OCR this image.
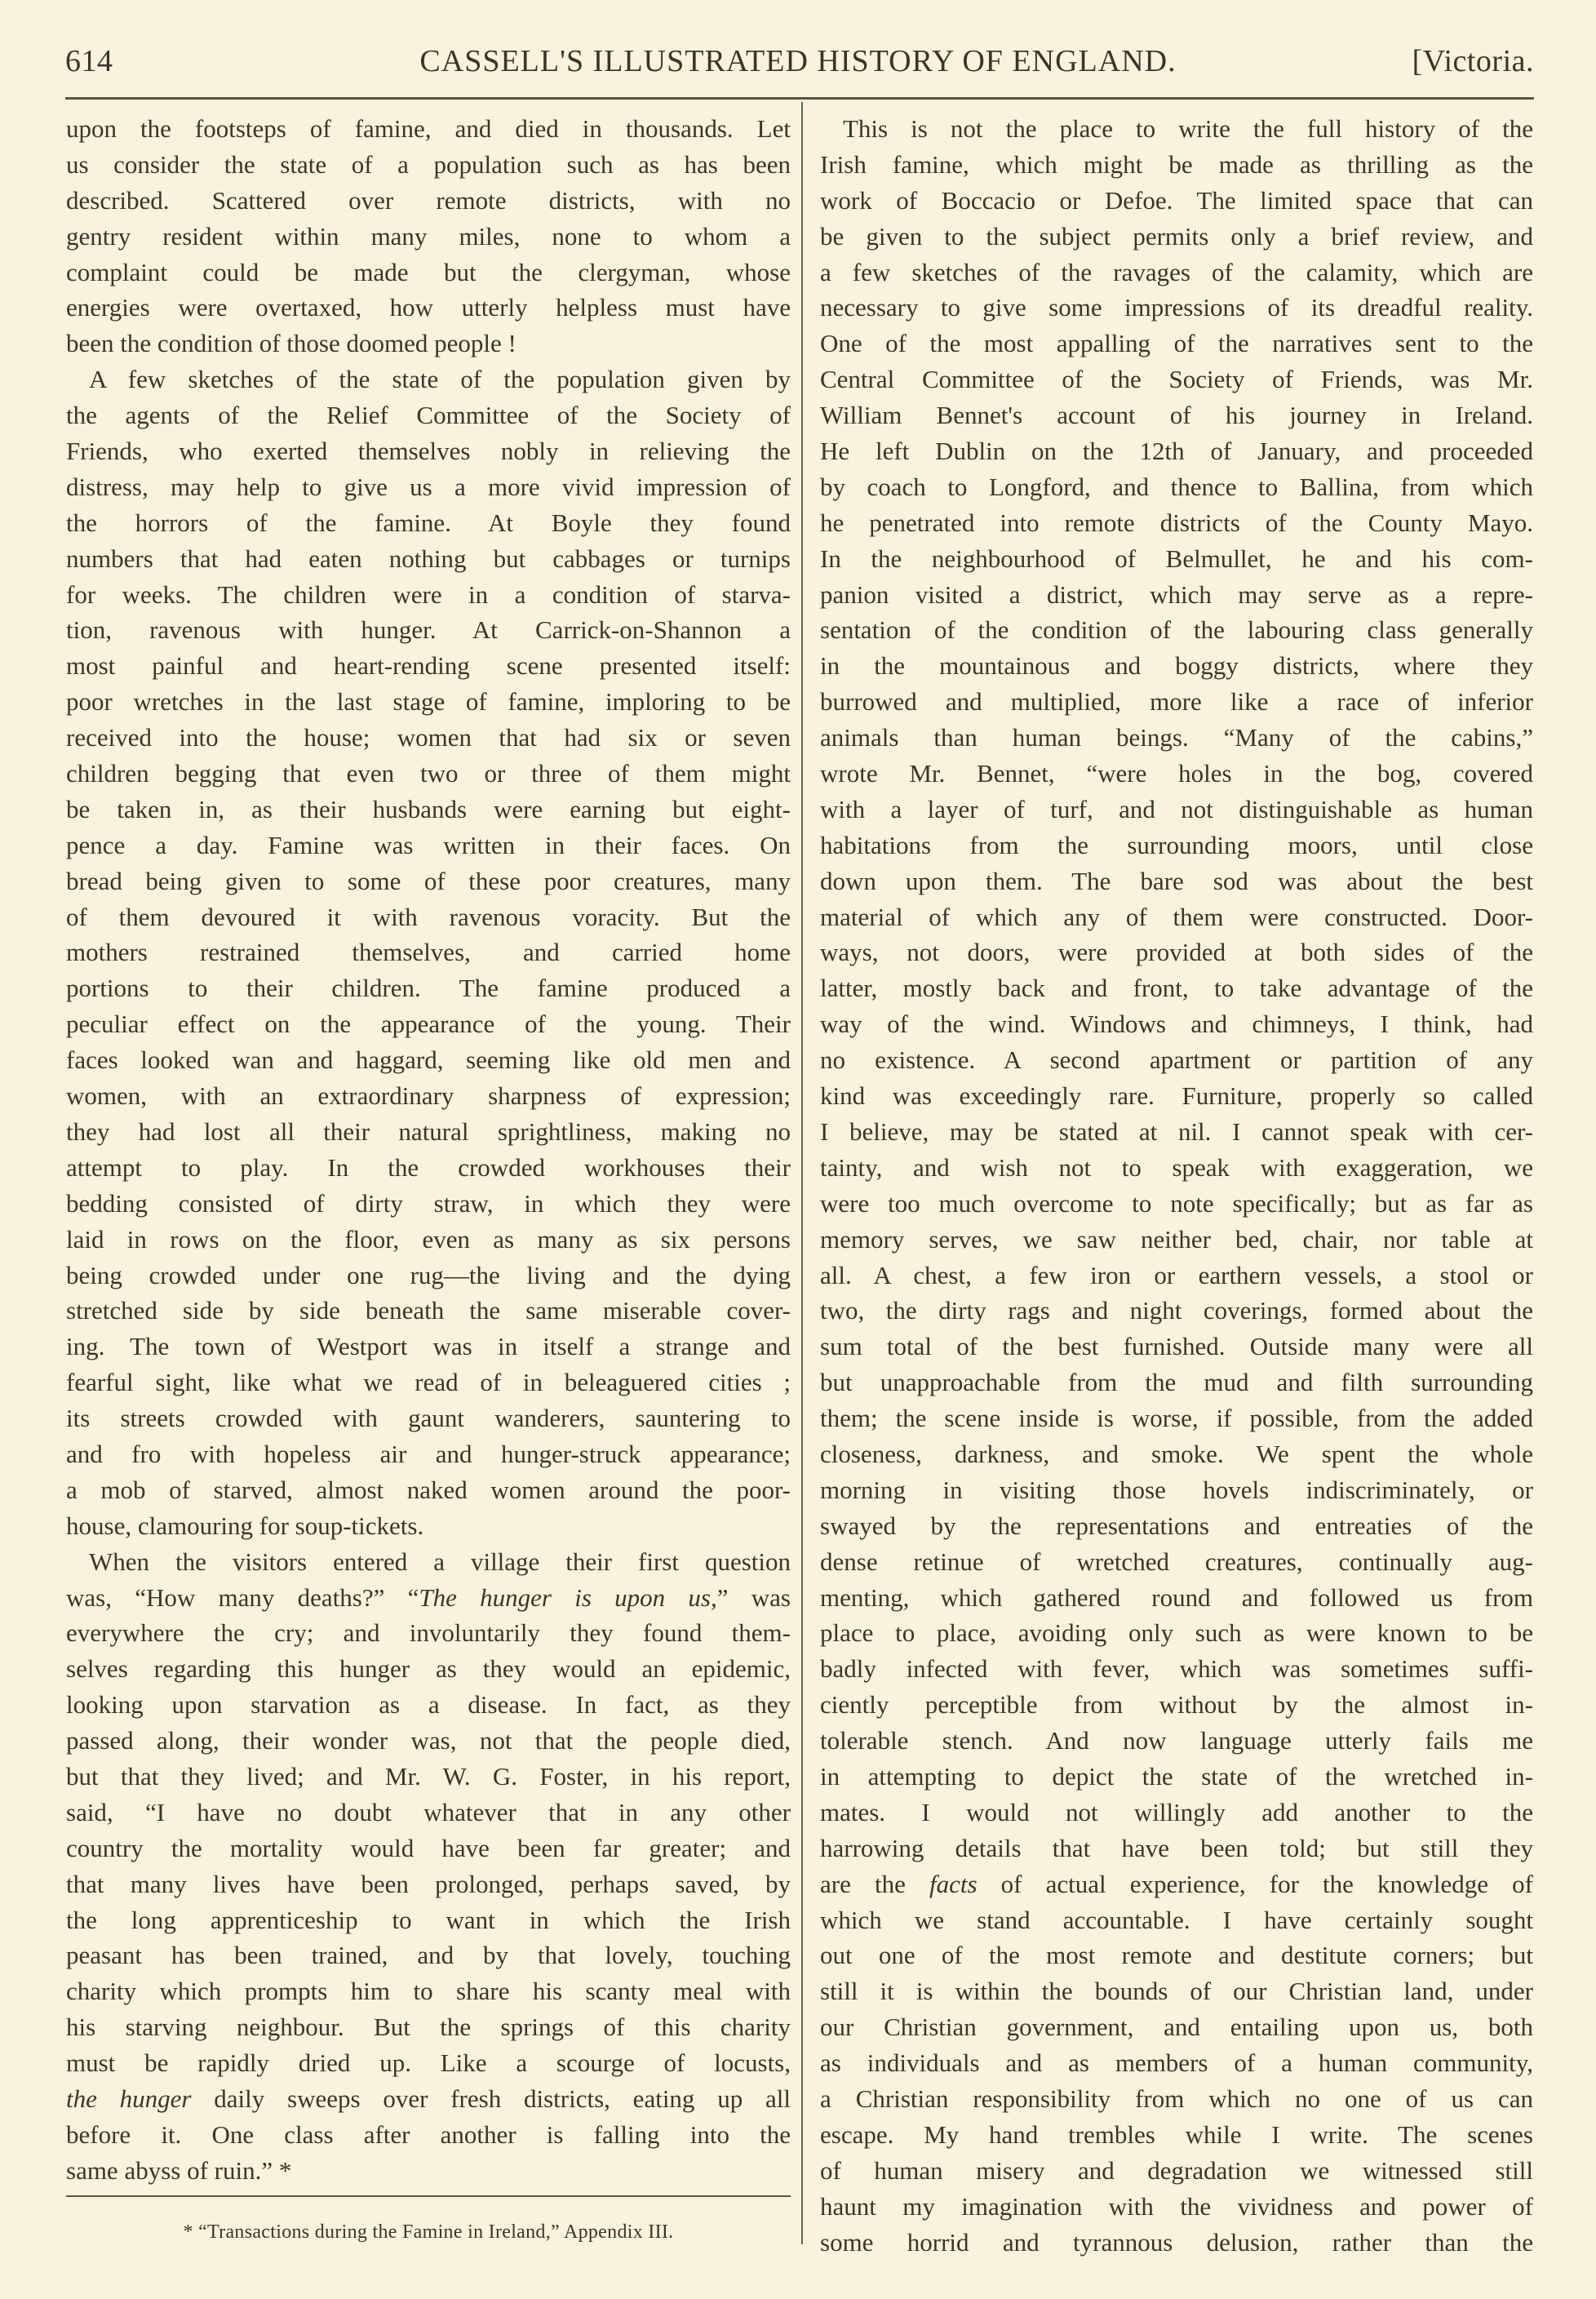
614	CASSELL'S ILLUSTRATED HISTORY OF ENGLAND.	[Victoria.
upon the footsteps of famine, and died in thousands. Let
us consider the state of a population such as has been
described. Scattered over remote districts, with no
gentry resident within many miles, none to whom a
complaint could be made but the clergyman, whose
energies were overtaxed, how utterly helpless must have
been the condition of those doomed people !
A few sketches of the state of the population given by
the agents of the Relief Committee of the Society of
Friends, who exerted themselves nobly in relieving the
distress, may help to give us a more vivid impression of
the horrors of the famine. At Boyle they found
numbers that had eaten nothing but cabbages or turnips
for weeks. The children were in a condition of starva-
tion, ravenous with hunger. At Carrick-on-Shannon a
most painful and heart-rending scene presented itself:
poor wretches in the last stage of famine, imploring to be
received into the house; women that had six or seven
children begging that even two or three of them might
be taken in, as their husbands were earning but eight-
pence a day. Famine was written in their faces. On
bread being given to some of these poor creatures, many
of them devoured it with ravenous voracity. But the
mothers restrained themselves, and carried home
portions to their children. The famine produced a
peculiar effect on the appearance of the young. Their
faces looked wan and haggard, seeming like old men and
women, with an extraordinary sharpness of expression;
they had lost all their natural sprightliness, making no
attempt to play. In the crowded workhouses their
bedding consisted of dirty straw, in which they were
laid in rows on the floor, even as many as six persons
being crowded under one rug—the living and the dying
stretched side by side beneath the same miserable cover-
ing. The town of Westport was in itself a strange and
fearful sight, like what we read of in beleaguered cities ;
its streets crowded with gaunt wanderers, sauntering to
and fro with hopeless air and hunger-struck appearance;
a mob of starved, almost naked women around the poor-
house, clamouring for soup-tickets.
When the visitors entered a village their first question
was, “How many deaths?” “The hunger is upon us,” was
everywhere the cry; and involuntarily they found them-
selves regarding this hunger as they would an epidemic,
looking upon starvation as a disease. In fact, as they
passed along, their wonder was, not that the people died,
but that they lived; and Mr. W. G. Foster, in his report,
said, “I have no doubt whatever that in any other
country the mortality would have been far greater; and
that many lives have been prolonged, perhaps saved, by
the long apprenticeship to want in which the Irish
peasant has been trained, and by that lovely, touching
charity which prompts him to share his scanty meal with
his starving neighbour. But the springs of this charity
must be rapidly dried up. Like a scourge of locusts,
the hunger daily sweeps over fresh districts, eating up all
before it. One class after another is falling into the
same abyss of ruin.” *
This is not the place to write the full history of the
Irish famine, which might be made as thrilling as the
work of Boccacio or Defoe. The limited space that can
be given to the subject permits only a brief review, and
a few sketches of the ravages of the calamity, which are
necessary to give some impressions of its dreadful reality.
One of the most appalling of the narratives sent to the
Central Committee of the Society of Friends, was Mr.
William Bennet's account of his journey in Ireland.
He left Dublin on the 12th of January, and proceeded
by coach to Longford, and thence to Ballina, from which
he penetrated into remote districts of the County Mayo.
In the neighbourhood of Belmullet, he and his com-
panion visited a district, which may serve as a repre-
sentation of the condition of the labouring class generally
in the mountainous and boggy districts, where they
burrowed and multiplied, more like a race of inferior
animals than human beings. “Many of the cabins,”
wrote Mr. Bennet, “were holes in the bog, covered
with a layer of turf, and not distinguishable as human
habitations from the surrounding moors, until close
down upon them. The bare sod was about the best
material of which any of them were constructed. Door-
ways, not doors, were provided at both sides of the
latter, mostly back and front, to take advantage of the
way of the wind. Windows and chimneys, I think, had
no existence. A second apartment or partition of any
kind was exceedingly rare. Furniture, properly so called
I believe, may be stated at nil. I cannot speak with cer-
tainty, and wish not to speak with exaggeration, we
were too much overcome to note specifically; but as far as
memory serves, we saw neither bed, chair, nor table at
all. A chest, a few iron or earthern vessels, a stool or
two, the dirty rags and night coverings, formed about the
sum total of the best furnished. Outside many were all
but unapproachable from the mud and filth surrounding
them; the scene inside is worse, if possible, from the added
closeness, darkness, and smoke. We spent the whole
morning in visiting those hovels indiscriminately, or
swayed by the representations and entreaties of the
dense retinue of wretched creatures, continually aug-
menting, which gathered round and followed us from
place to place, avoiding only such as were known to be
badly infected with fever, which was sometimes suffi-
ciently perceptible from without by the almost in-
tolerable stench. And now language utterly fails me
in attempting to depict the state of the wretched in-
mates. I would not willingly add another to the
harrowing details that have been told; but still they
are the facts of actual experience, for the knowledge of
which we stand accountable. I have certainly sought
out one of the most remote and destitute corners; but
still it is within the bounds of our Christian land, under
our Christian government, and entailing upon us, both
as individuals and as members of a human community,
a Christian responsibility from which no one of us can
escape. My hand trembles while I write. The scenes
of human misery and degradation we witnessed still
haunt my imagination with the vividness and power of
some horrid and tyrannous delusion, rather than the
* “Transactions during the Famine in Ireland,” Appendix III.
